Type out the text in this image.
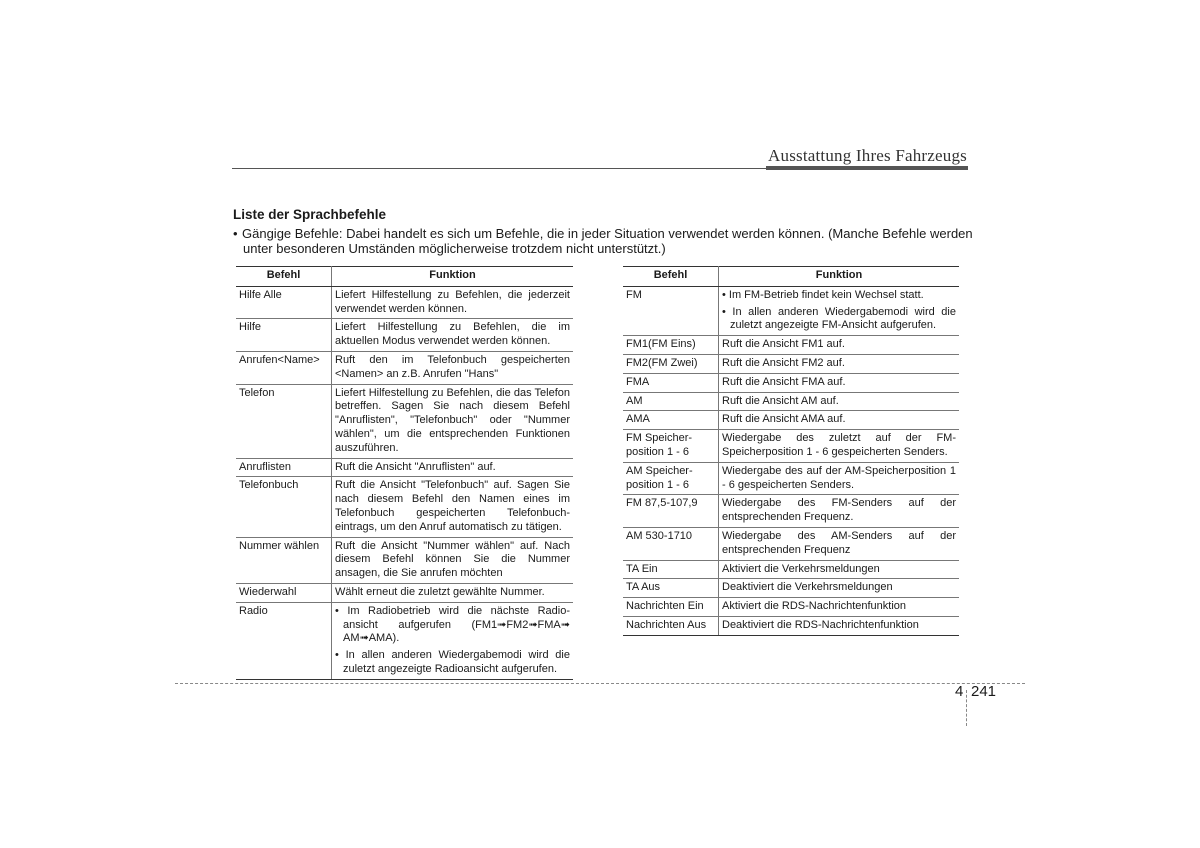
Ausstattung Ihres Fahrzeugs
Liste der Sprachbefehle
• Gängige Befehle: Dabei handelt es sich um Befehle, die in jeder Situation verwendet werden können. (Manche Befehle werden
unter besonderen Umständen möglicherweise trotzdem nicht unterstützt.)
Befehl	Funktion
Hilfe Alle	Liefert Hilfestellung zu Befehlen, die jederzeit verwendet werden können.
Hilfe	Liefert Hilfestellung zu Befehlen, die im aktuellen Modus verwendet werden können.
Anrufen<Name>	Ruft den im Telefonbuch gespeicherten <Namen> an z.B. Anrufen "Hans"
Telefon	Liefert Hilfestellung zu Befehlen, die das Telefon betreffen. Sagen Sie nach diesem Befehl "Anruflisten", "Telefonbuch" oder "Nummer wählen", um die entsprechenden Funktionen auszuführen.
Anruflisten	Ruft die Ansicht "Anruflisten" auf.
Telefonbuch	Ruft die Ansicht "Telefonbuch" auf. Sagen Sie nach diesem Befehl den Namen eines im Telefonbuch gespeicherten Telefonbuch-eintrags, um den Anruf automatisch zu tätigen.
Nummer wählen	Ruft die Ansicht "Nummer wählen" auf. Nach diesem Befehl können Sie die Nummer ansagen, die Sie anrufen möchten
Wiederwahl	Wählt erneut die zuletzt gewählte Nummer.
Radio	• Im Radiobetrieb wird die nächste Radio-ansicht aufgerufen (FM1➟FM2➟FMA➟ AM➟AMA).
• In allen anderen Wiedergabemodi wird die zuletzt angezeigte Radioansicht aufgerufen.
Befehl	Funktion
FM	• Im FM-Betrieb findet kein Wechsel statt.
• In allen anderen Wiedergabemodi wird die zuletzt angezeigte FM-Ansicht aufgerufen.

FM1(FM Eins)	Ruft die Ansicht FM1 auf.
FM2(FM Zwei)	Ruft die Ansicht FM2 auf.
FMA	Ruft die Ansicht FMA auf.
AM	Ruft die Ansicht AM auf.
AMA	Ruft die Ansicht AMA auf.
FM Speicher-position 1 - 6	Wiedergabe des zuletzt auf der FM-Speicherposition 1 - 6 gespeicherten Senders.
AM Speicher-position 1 - 6	Wiedergabe des auf der AM-Speicherposition 1 - 6 gespeicherten Senders.
FM 87,5-107,9	Wiedergabe des FM-Senders auf der entsprechenden Frequenz.
AM 530-1710	Wiedergabe des AM-Senders auf der entsprechenden Frequenz
TA Ein	Aktiviert die Verkehrsmeldungen
TA Aus	Deaktiviert die Verkehrsmeldungen
Nachrichten Ein	Aktiviert die RDS-Nachrichtenfunktion
Nachrichten Aus	Deaktiviert die RDS-Nachrichtenfunktion
4 241
